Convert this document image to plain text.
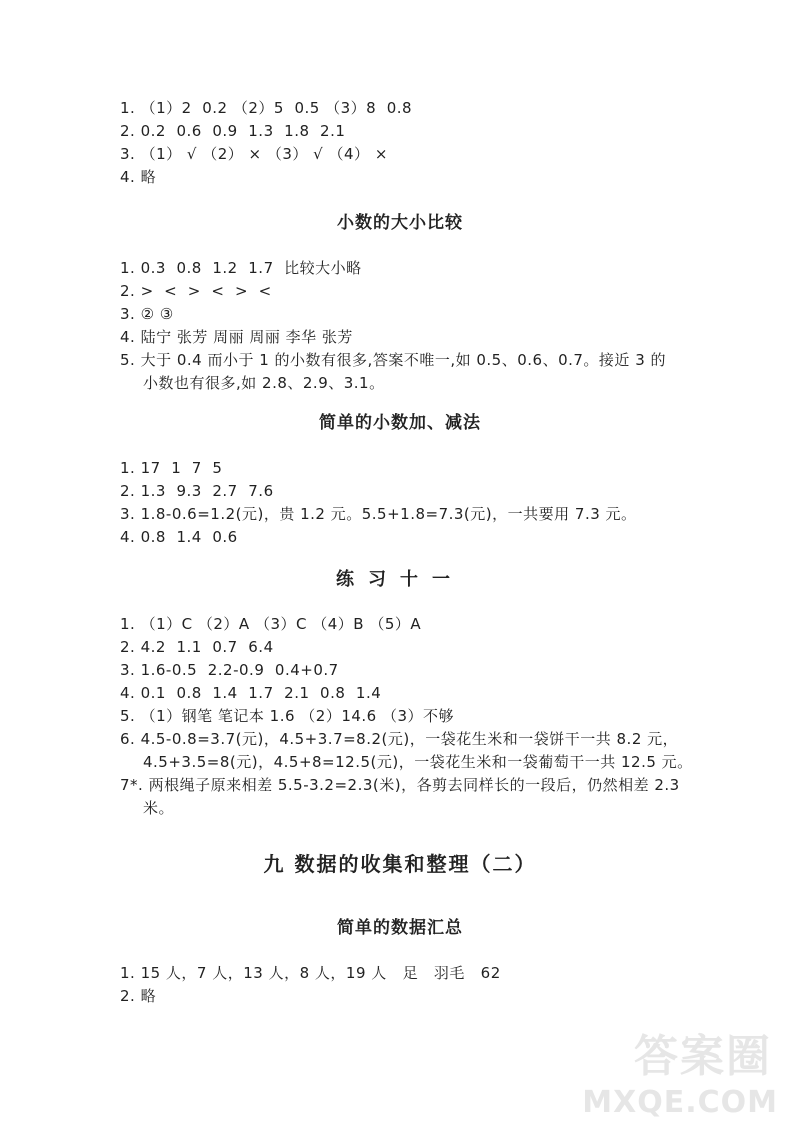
1. （1）2  0.2 （2）5  0.5 （3）8  0.8
2. 0.2  0.6  0.9  1.3  1.8  2.1
3. （1） √ （2） × （3） √ （4） ×
4. 略
小数的大小比较
1. 0.3  0.8  1.2  1.7  比较大小略
2. >  <  >  <  >  <
3. ② ③
4. 陆宁 张芳 周丽 周丽 李华 张芳
5. 大于 0.4 而小于 1 的小数有很多,答案不唯一,如 0.5、0.6、0.7。接近 3 的
小数也有很多,如 2.8、2.9、3.1。
简单的小数加、减法
1. 17  1  7  5
2. 1.3  9.3  2.7  7.6
3. 1.8-0.6=1.2(元)，贵 1.2 元。5.5+1.8=7.3(元)，一共要用 7.3 元。
4. 0.8  1.4  0.6
练习十一
1. （1）C （2）A （3）C （4）B （5）A
2. 4.2  1.1  0.7  6.4
3. 1.6-0.5  2.2-0.9  0.4+0.7
4. 0.1  0.8  1.4  1.7  2.1  0.8  1.4
5. （1）钢笔 笔记本 1.6 （2）14.6 （3）不够
6. 4.5-0.8=3.7(元)，4.5+3.7=8.2(元)，一袋花生米和一袋饼干一共 8.2 元，
4.5+3.5=8(元)，4.5+8=12.5(元)，一袋花生米和一袋葡萄干一共 12.5 元。
7*. 两根绳子原来相差 5.5-3.2=2.3(米)，各剪去同样长的一段后，仍然相差 2.3
米。
九 数据的收集和整理（二）
简单的数据汇总
1. 15 人，7 人，13 人，8 人，19 人   足   羽毛   62
2. 略
答案圈
MXQE.COM
